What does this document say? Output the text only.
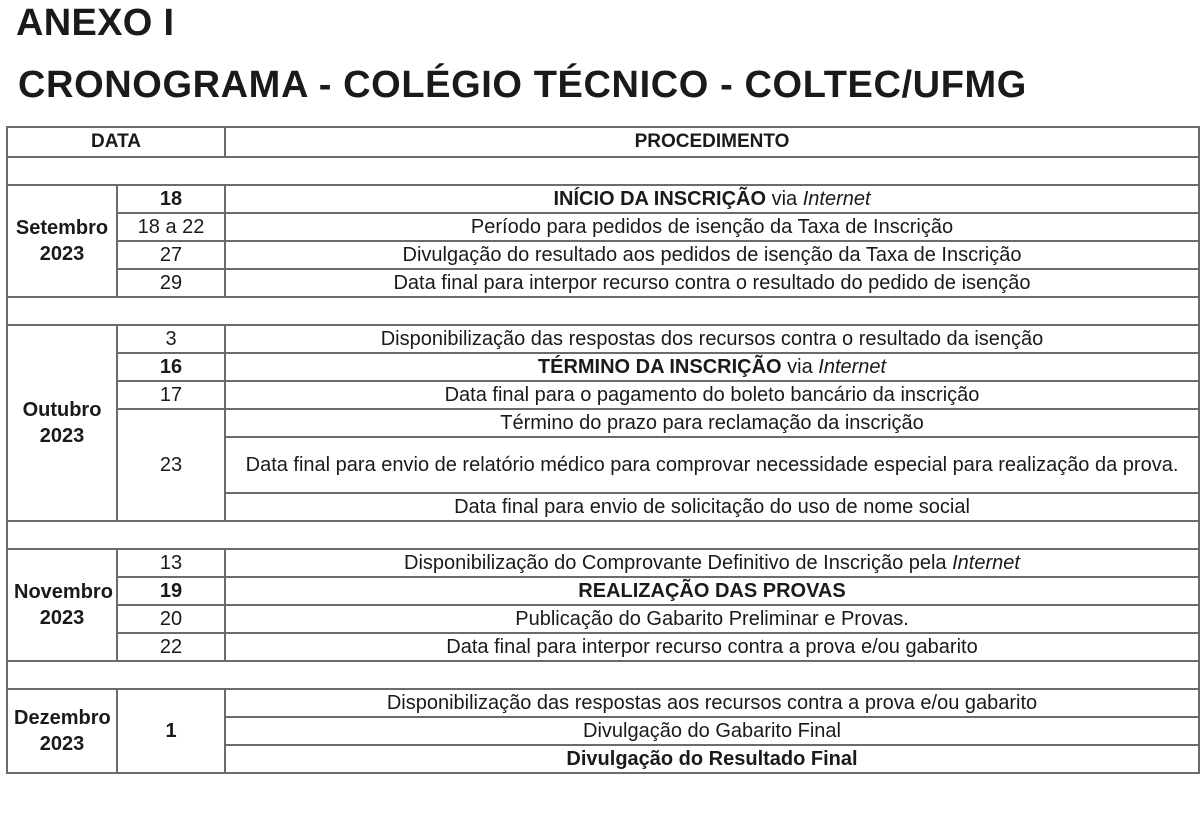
ANEXO I
CRONOGRAMA - COLÉGIO TÉCNICO - COLTEC/UFMG
DATA		PROCEDIMENTO

Setembro
2023	18	INÍCIO DA INSCRIÇÃO via Internet
	18 a 22	Período para pedidos de isenção da Taxa de Inscrição
	27	Divulgação do resultado aos pedidos de isenção da Taxa de Inscrição
	29	Data final para interpor recurso contra o resultado do pedido de isenção

Outubro
2023	3	Disponibilização das respostas dos recursos contra o resultado da isenção
	16	TÉRMINO DA INSCRIÇÃO via Internet
	17	Data final para o pagamento do boleto bancário da inscrição
	23	Término do prazo para reclamação da inscrição
		Data final para envio de relatório médico para comprovar necessidade especial para realização da prova.
		Data final para envio de solicitação do uso de nome social

Novembro
2023	13	Disponibilização do Comprovante Definitivo de Inscrição pela Internet
	19	REALIZAÇÃO DAS PROVAS
	20	Publicação do Gabarito Preliminar e Provas.
	22	Data final para interpor recurso contra a prova e/ou gabarito

Dezembro
2023	1	Disponibilização das respostas aos recursos contra a prova e/ou gabarito
		Divulgação do Gabarito Final
		Divulgação do Resultado Final
